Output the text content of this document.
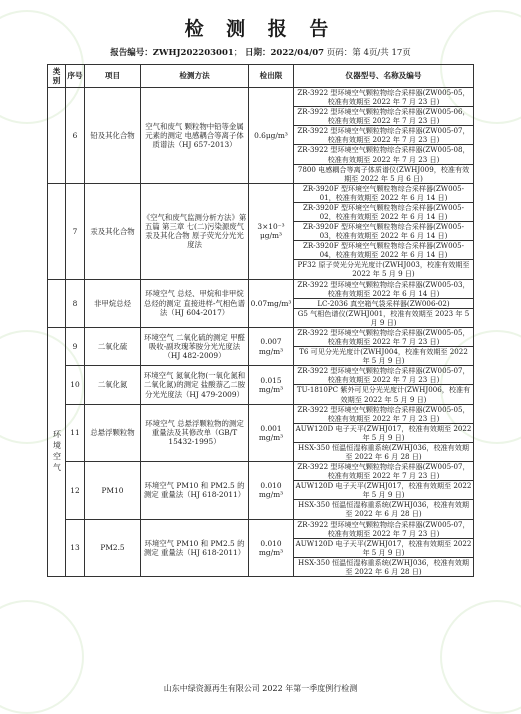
检 测 报 告
报告编号：ZWHJ202203001； 日期：2022/04/07 页码：第 4页/共 17页
类别	序号	项目	检测方法	检出限	仪器型号、名称及编号
	6	铅及其化合物	空气和废气 颗粒物中铅等金属元素的测定 电感耦合等离子体质谱法（HJ 657-2013）	0.6μg/m³	ZR-3922 型环境空气颗粒物综合采样器(ZW005-05，校准有效期至 2022 年 7 月 23 日)
					ZR-3922 型环境空气颗粒物综合采样器(ZW005-06，校准有效期至 2022 年 7 月 23 日)
					ZR-3922 型环境空气颗粒物综合采样器(ZW005-07，校准有效期至 2022 年 7 月 23 日)
					ZR-3922 型环境空气颗粒物综合采样器(ZW005-08，校准有效期至 2022 年 7 月 23 日)
					7800 电感耦合等离子体质谱仪(ZWHJ009，校准有效期至 2022 年 5 月 6 日)
	7	汞及其化合物	《空气和废气监测分析方法》第五篇 第三章 七(二)污染源废气汞及其化合物 原子荧光分光光度法	3×10⁻³ μg/m³	ZR-3920F 型环境空气颗粒物综合采样器(ZW005-01，校准有效期至 2022 年 6 月 14 日)
					ZR-3920F 型环境空气颗粒物综合采样器(ZW005-02，校准有效期至 2022 年 6 月 14 日)
					ZR-3920F 型环境空气颗粒物综合采样器(ZW005-03，校准有效期至 2022 年 6 月 14 日)
					ZR-3920F 型环境空气颗粒物综合采样器(ZW005-04，校准有效期至 2022 年 6 月 14 日)
					PF32 原子荧光分光光度计(ZWHJ003，校准有效期至 2022 年 5 月 9 日)
	8	非甲烷总烃	环境空气 总烃、甲烷和非甲烷总烃的测定 直接进样-气相色谱法（HJ 604-2017）	0.07mg/m³	ZR-3922 型环境空气颗粒物综合采样器(ZW005-03，校准有效期至 2022 年 6 月 14 日)
					LC-2036 真空箱气袋采样器(ZW006-02)
					G5 气相色谱仪(ZWHJ001，校准有效期至 2023 年 5 月 9 日)
环境空气	9	二氧化硫	环境空气 二氧化硫的测定 甲醛吸收-副玫瑰苯胺分光光度法（HJ 482-2009）	0.007 mg/m³	ZR-3922 型环境空气颗粒物综合采样器(ZW005-05，校准有效期至 2022 年 7 月 23 日)
					T6 可见分光光度计(ZWHJ004，校准有效期至 2022 年 5 月 9 日)
	10	二氧化氮	环境空气 氮氧化物(一氧化氮和二氧化氮)的测定 盐酸萘乙二胺分光光度法（HJ 479-2009）	0.015 mg/m³	ZR-3922 型环境空气颗粒物综合采样器(ZW005-07，校准有效期至 2022 年 7 月 23 日)
					TU-1810PC 紫外可见分光光度计(ZWHJ006，校准有效期至 2022 年 5 月 9 日)
	11	总悬浮颗粒物	环境空气 总悬浮颗粒物的测定 重量法及其修改单（GB/T 15432-1995）	0.001 mg/m³	ZR-3922 型环境空气颗粒物综合采样器(ZW005-05，校准有效期至 2022 年 7 月 23 日)
					AUW120D 电子天平(ZWHJ017，校准有效期至 2022 年 5 月 9 日)
					HSX-350 恒温恒湿称重系统(ZWHJ036，校准有效期至 2022 年 6 月 28 日)
	12	PM10	环境空气 PM10 和 PM2.5 的测定 重量法（HJ 618-2011）	0.010 mg/m³	ZR-3922 型环境空气颗粒物综合采样器(ZW005-07，校准有效期至 2022 年 7 月 23 日)
					AUW120D 电子天平(ZWHJ017，校准有效期至 2022 年 5 月 9 日)
					HSX-350 恒温恒湿称重系统(ZWHJ036，校准有效期至 2022 年 6 月 28 日)
	13	PM2.5	环境空气 PM10 和 PM2.5 的测定 重量法（HJ 618-2011）	0.010 mg/m³	ZR-3922 型环境空气颗粒物综合采样器(ZW005-07，校准有效期至 2022 年 7 月 23 日)
					AUW120D 电子天平(ZWHJ017，校准有效期至 2022 年 5 月 9 日)
					HSX-350 恒温恒湿称重系统(ZWHJ036，校准有效期至 2022 年 6 月 28 日)
山东中绿资源再生有限公司 2022 年第一季度例行检测
